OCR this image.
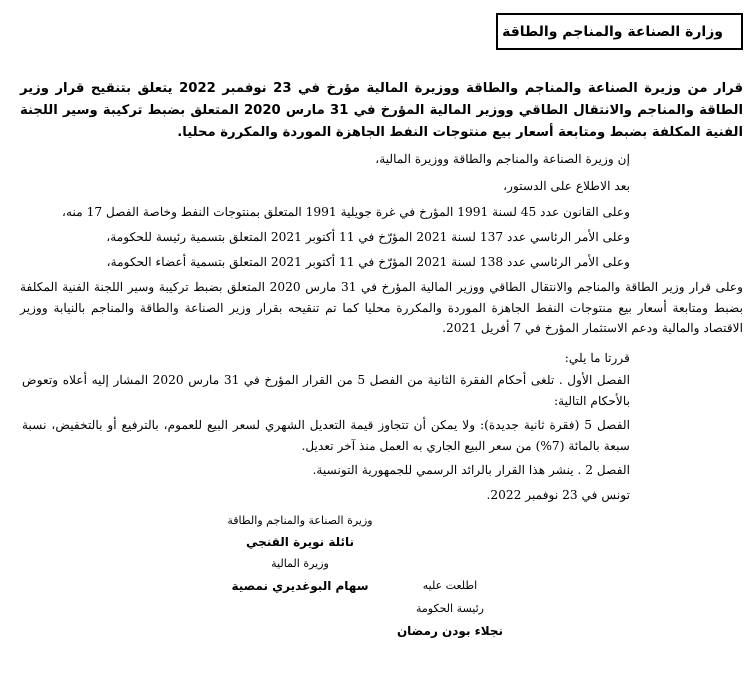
وزارة الصناعة والمناجم والطاقة
قرار من وزيرة الصناعة والمناجم والطاقة ووزيرة المالية مؤرخ في 23 نوفمبر 2022 يتعلق بتنقيح قرار وزير الطاقة والمناجم والانتقال الطاقي ووزير المالية المؤرخ في 31 مارس 2020 المتعلق بضبط تركيبة وسير اللجنة الفنية المكلفة بضبط ومتابعة أسعار بيع منتوجات النفط الجاهزة الموردة والمكررة محليا.
إن وزيرة الصناعة والمناجم والطاقة ووزيرة المالية،
بعد الاطلاع على الدستور،
وعلى القانون عدد 45 لسنة 1991 المؤرخ في غرة جويلية 1991 المتعلق بمنتوجات النفط وخاصة الفصل 17 منه،
وعلى الأمر الرئاسي عدد 137 لسنة 2021 المؤرّخ في 11 أكتوبر 2021 المتعلق بتسمية رئيسة للحكومة،
وعلى الأمر الرئاسي عدد 138 لسنة 2021 المؤرّخ في 11 أكتوبر 2021 المتعلق بتسمية أعضاء الحكومة،
وعلى قرار وزير الطاقة والمناجم والانتقال الطاقي ووزير المالية المؤرخ في 31 مارس 2020 المتعلق بضبط تركيبة وسير اللجنة الفنية المكلفة بضبط ومتابعة أسعار بيع منتوجات النفط الجاهزة الموردة والمكررة محليا كما تم تنقيحه بقرار وزير الصناعة والطاقة والمناجم بالنيابة ووزير الاقتصاد والمالية ودعم الاستثمار المؤرخ في 7 أفريل 2021.
قررتا ما يلي:
الفصل الأول . تلغى أحكام الفقرة الثانية من الفصل 5 من القرار المؤرخ في 31 مارس 2020 المشار إليه أعلاه وتعوض بالأحكام التالية:
الفصل 5 (فقرة ثانية جديدة): ولا يمكن أن تتجاوز قيمة التعديل الشهري لسعر البيع للعموم، بالترفيع أو بالتخفيض، نسبة سبعة بالمائة (7%) من سعر البيع الجاري به العمل منذ آخر تعديل.
الفصل 2 . ينشر هذا القرار بالرائد الرسمي للجمهورية التونسية.
تونس في 23 نوفمبر 2022.
وزيرة الصناعة والمناجم والطاقة
نائلة نويرة القنجي
وزيرة المالية
سهام البوغديري نمصية	اطلعت عليه
رئيسة الحكومة
نجلاء بودن رمضان
